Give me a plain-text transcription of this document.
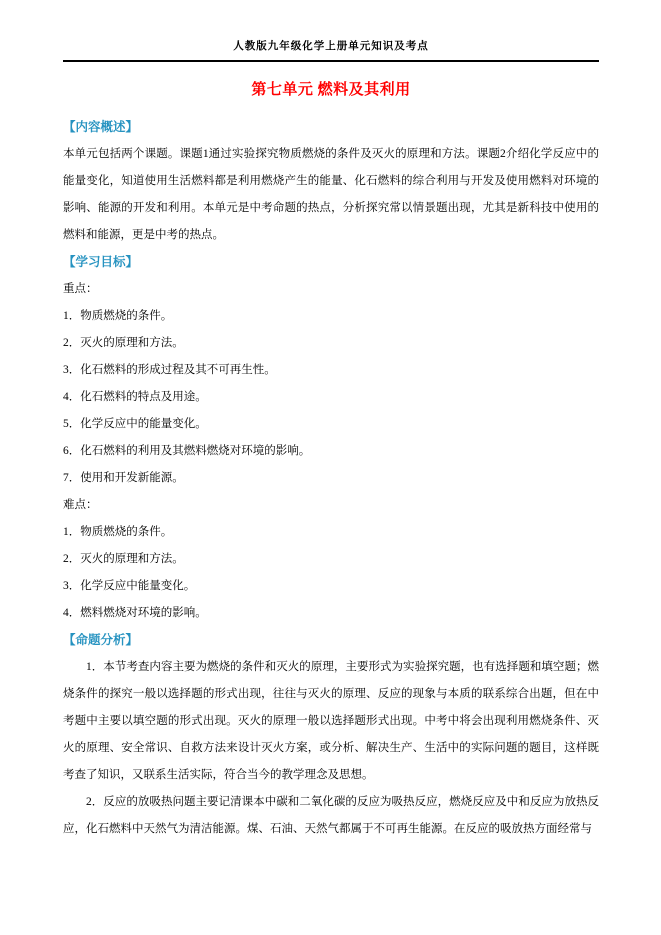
人教版九年级化学上册单元知识及考点
第七单元 燃料及其利用
【内容概述】

本单元包括两个课题。课题1通过实验探究物质燃烧的条件及灭火的原理和方法。课题2介绍化学反应中的能量变化，知道使用生活燃料都是利用燃烧产生的能量、化石燃料的综合利用与开发及使用燃料对环境的影响、能源的开发和利用。本单元是中考命题的热点，分析探究常以情景题出现，尤其是新科技中使用的燃料和能源，更是中考的热点。

【学习目标】

重点：

1．物质燃烧的条件。

2．灭火的原理和方法。

3．化石燃料的形成过程及其不可再生性。

4．化石燃料的特点及用途。

5．化学反应中的能量变化。

6．化石燃料的利用及其燃料燃烧对环境的影响。

7．使用和开发新能源。

难点：

1．物质燃烧的条件。

2．灭火的原理和方法。

3．化学反应中能量变化。

4．燃料燃烧对环境的影响。

【命题分析】

1．本节考查内容主要为燃烧的条件和灭火的原理，主要形式为实验探究题，也有选择题和填空题；燃烧条件的探究一般以选择题的形式出现，往往与灭火的原理、反应的现象与本质的联系综合出题，但在中考题中主要以填空题的形式出现。灭火的原理一般以选择题形式出现。中考中将会出现利用燃烧条件、灭火的原理、安全常识、自救方法来设计灭火方案，或分析、解决生产、生活中的实际问题的题目，这样既考查了知识，又联系生活实际，符合当今的教学理念及思想。

2．反应的放吸热问题主要记清课本中碳和二氧化碳的反应为吸热反应，燃烧反应及中和反应为放热反应，化石燃料中天然气为清洁能源。煤、石油、天然气都属于不可再生能源。在反应的吸放热方面经常与
